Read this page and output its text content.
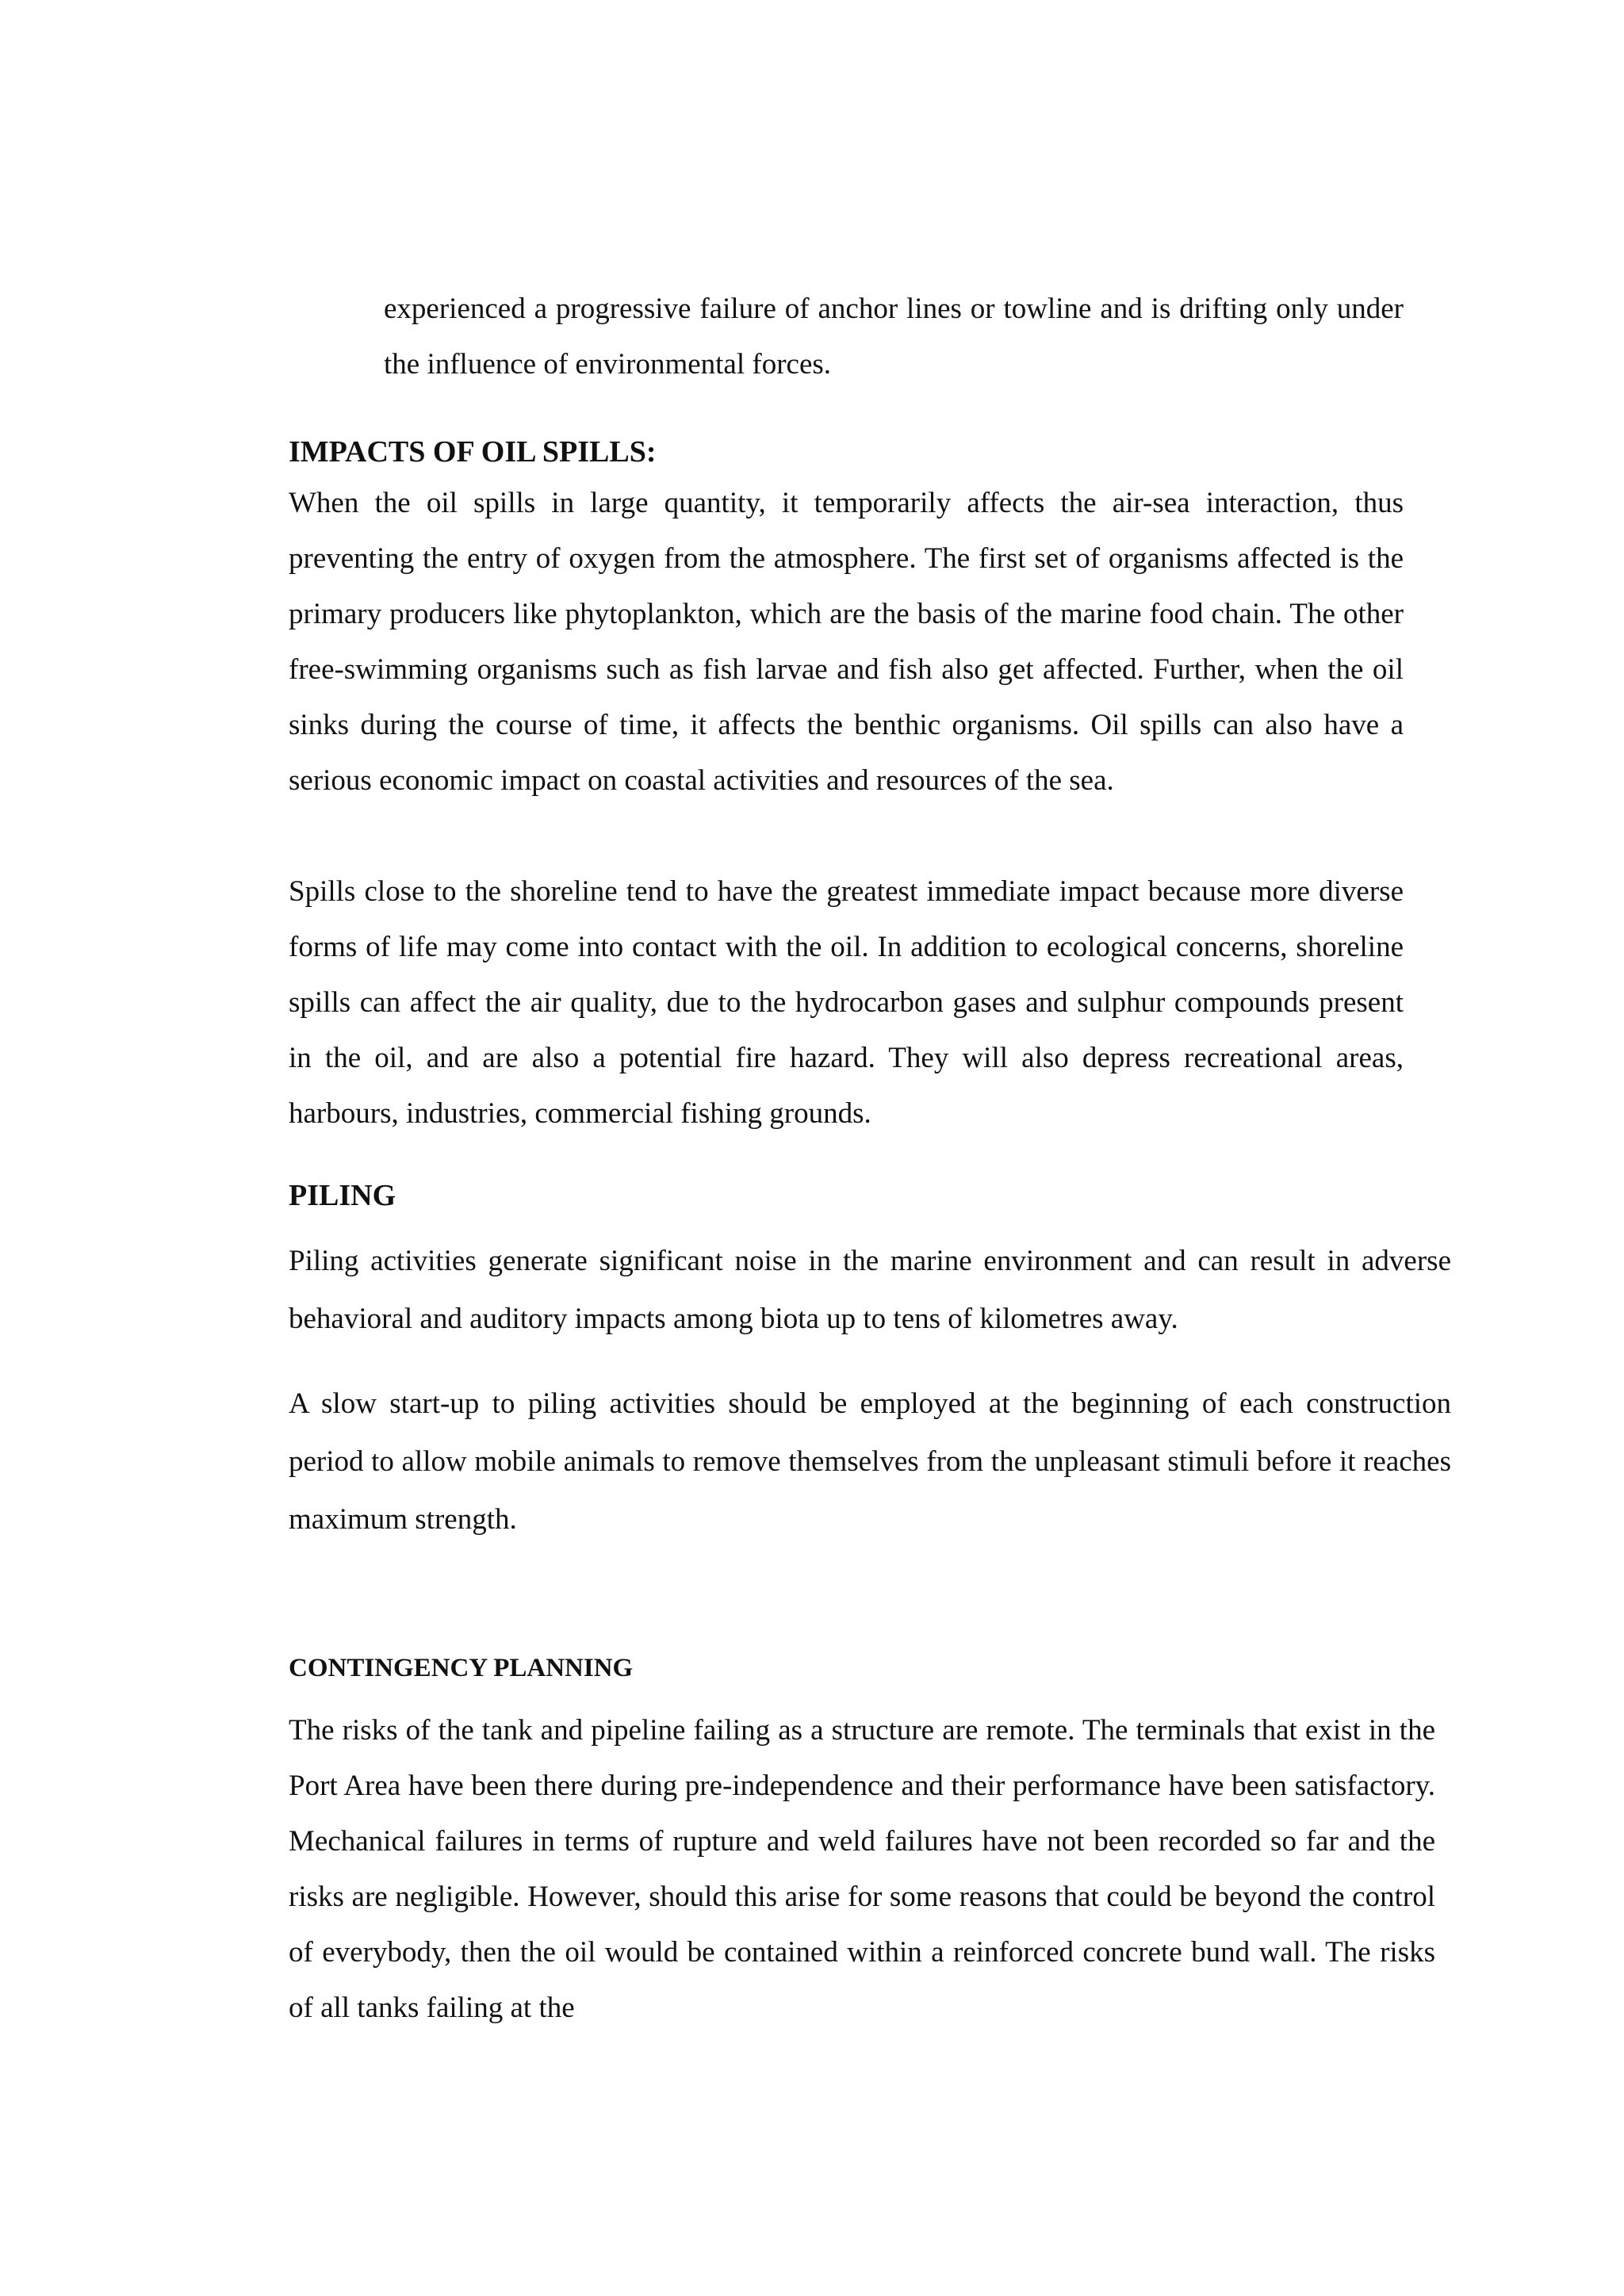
experienced a progressive failure of anchor lines or towline and is drifting only under the influence of environmental forces.

IMPACTS OF OIL SPILLS:

When the oil spills in large quantity, it temporarily affects the air-sea interaction, thus preventing the entry of oxygen from the atmosphere. The first set of organisms affected is the primary producers like phytoplankton, which are the basis of the marine food chain. The other free-swimming organisms such as fish larvae and fish also get affected. Further, when the oil sinks during the course of time, it affects the benthic organisms. Oil spills can also have a serious economic impact on coastal activities and resources of the sea.

Spills close to the shoreline tend to have the greatest immediate impact because more diverse forms of life may come into contact with the oil. In addition to ecological concerns, shoreline spills can affect the air quality, due to the hydrocarbon gases and sulphur compounds present in the oil, and are also a potential fire hazard. They will also depress recreational areas, harbours, industries, commercial fishing grounds.

PILING

Piling activities generate significant noise in the marine environment and can result in adverse behavioral and auditory impacts among biota up to tens of kilometres away.

A slow start-up to piling activities should be employed at the beginning of each construction period to allow mobile animals to remove themselves from the unpleasant stimuli before it reaches maximum strength.

CONTINGENCY PLANNING

The risks of the tank and pipeline failing as a structure are remote. The terminals that exist in the Port Area have been there during pre-independence and their performance have been satisfactory. Mechanical failures in terms of rupture and weld failures have not been recorded so far and the risks are negligible. However, should this arise for some reasons that could be beyond the control of everybody, then the oil would be contained within a reinforced concrete bund wall. The risks of all tanks failing at the
